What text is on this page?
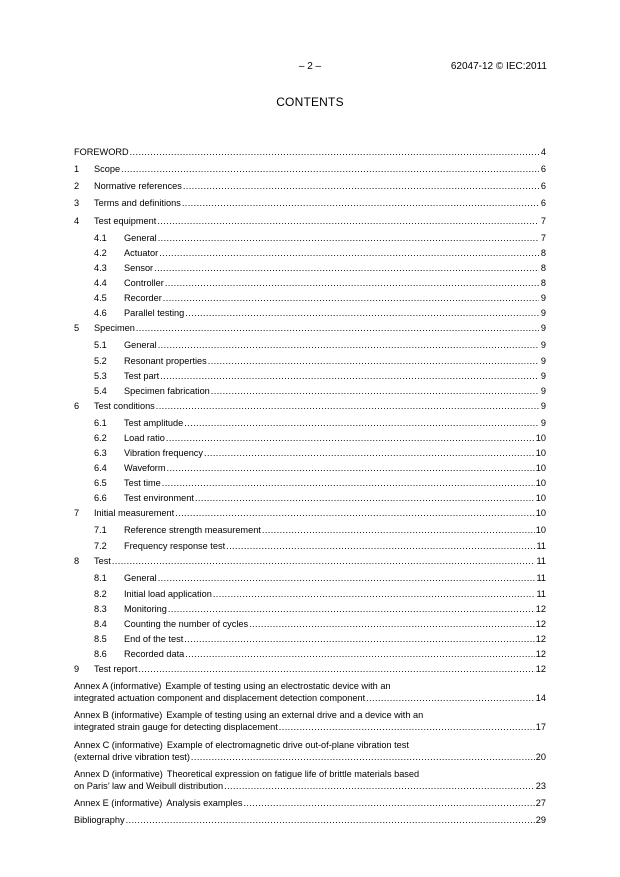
– 2 –	62047-12 © IEC:2011
CONTENTS
FOREWORD .....	4
1	Scope .....	6
2	Normative references .....	6
3	Terms and definitions .....	6
4	Test equipment .....	7
4.1	General .....	7
4.2	Actuator .....	8
4.3	Sensor .....	8
4.4	Controller .....	8
4.5	Recorder .....	9
4.6	Parallel testing .....	9
5	Specimen .....	9
5.1	General .....	9
5.2	Resonant properties .....	9
5.3	Test part .....	9
5.4	Specimen fabrication .....	9
6	Test conditions .....	9
6.1	Test amplitude .....	9
6.2	Load ratio .....	10
6.3	Vibration frequency .....	10
6.4	Waveform .....	10
6.5	Test time .....	10
6.6	Test environment .....	10
7	Initial measurement .....	10
7.1	Reference strength measurement .....	10
7.2	Frequency response test .....	11
8	Test .....	11
8.1	General .....	11
8.2	Initial load application .....	11
8.3	Monitoring .....	12
8.4	Counting the number of cycles .....	12
8.5	End of the test .....	12
8.6	Recorded data .....	12
9	Test report .....	12
Annex A (informative) Example of testing using an electrostatic device with an
integrated actuation component and displacement detection component .....	14
Annex B (informative) Example of testing using an external drive and a device with an
integrated strain gauge for detecting displacement .....	17
Annex C (informative) Example of electromagnetic drive out-of-plane vibration test
(external drive vibration test) .....	20
Annex D (informative) Theoretical expression on fatigue life of brittle materials based
on Paris’ law and Weibull distribution .....	23
Annex E (informative) Analysis examples .....	27
Bibliography .....	29
